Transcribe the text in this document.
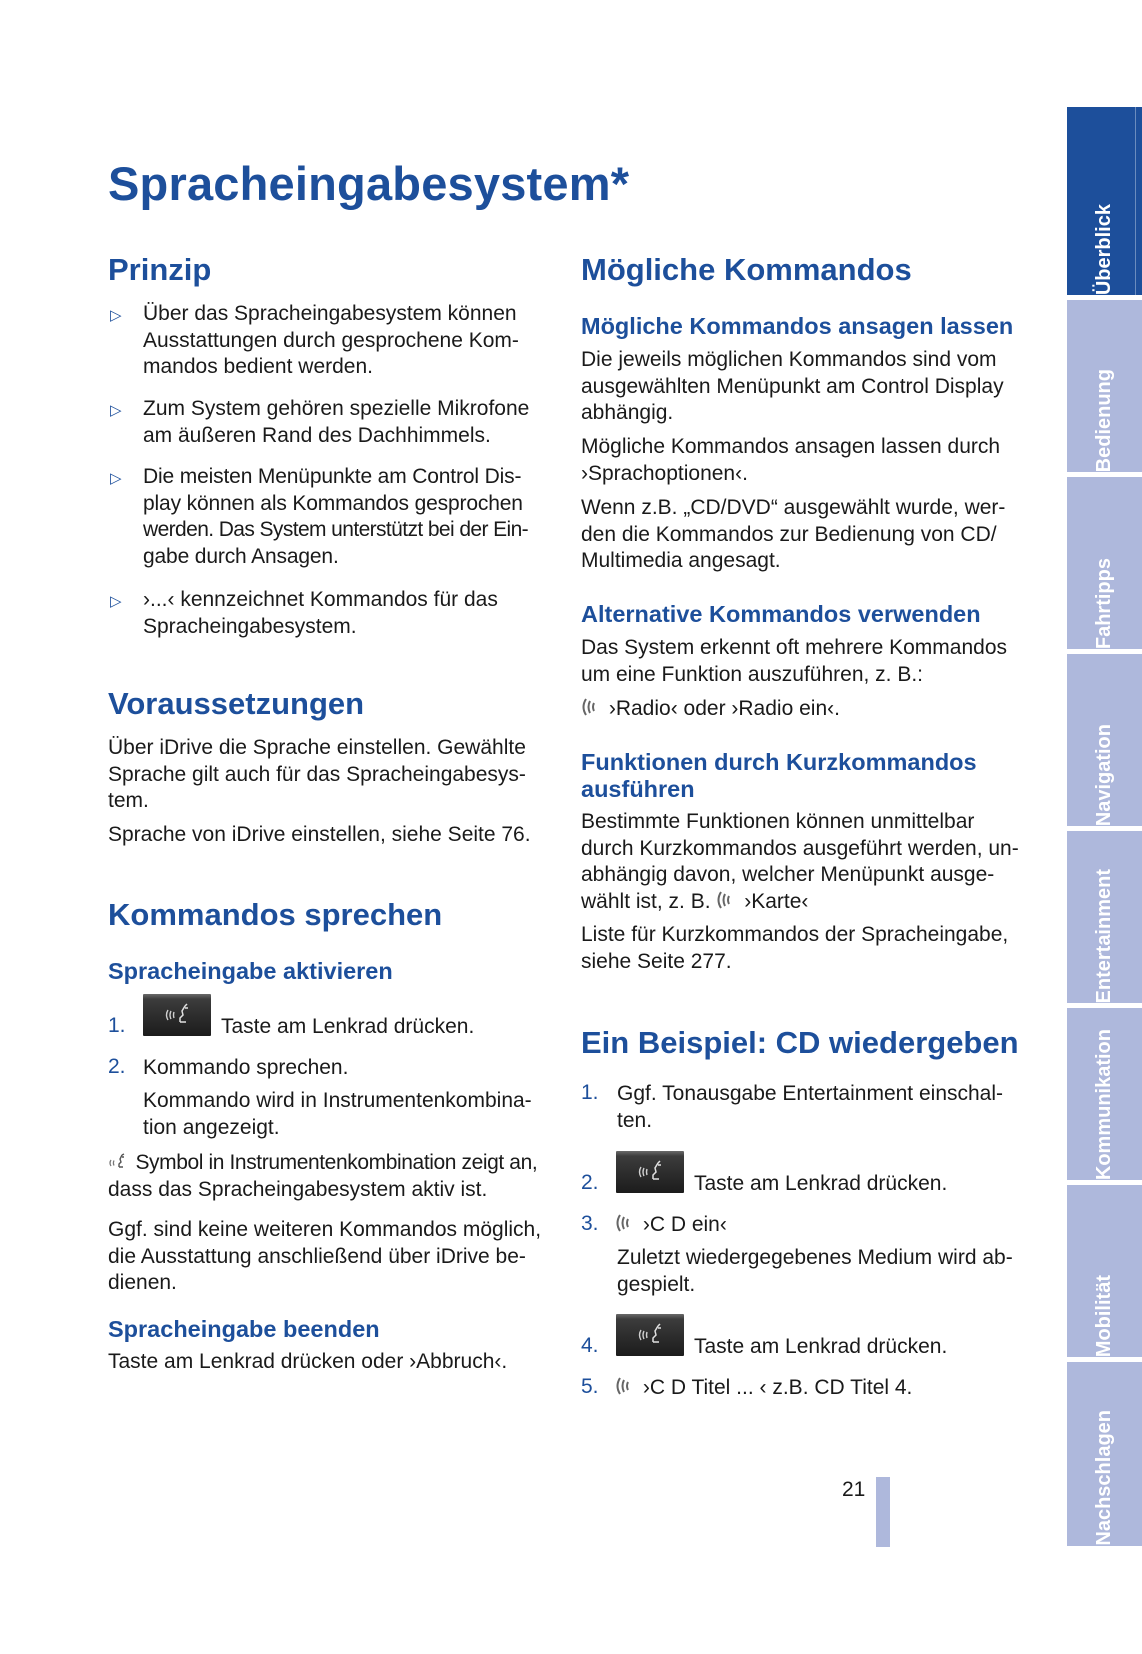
Spracheingabesystem*
Prinzip
▷ Über das Spracheingabesystem können
Ausstattungen durch gesprochene Kom-
mandos bedient werden.

▷ Zum System gehören spezielle Mikrofone
am äußeren Rand des Dachhimmels.

▷ Die meisten Menüpunkte am Control Dis-
play können als Kommandos gesprochen
werden. Das System unterstützt bei der Ein-
gabe durch Ansagen.

▷ ›...‹ kennzeichnet Kommandos für das
Spracheingabesystem.

Voraussetzungen

Über iDrive die Sprache einstellen. Gewählte
Sprache gilt auch für das Spracheingabesys-
tem.

Sprache von iDrive einstellen, siehe Seite 76.

Kommandos sprechen
Spracheingabe aktivieren
1.	Taste am Lenkrad drücken.
2. Kommando sprechen.

Kommando wird in Instrumentenkombina-
tion angezeigt.

Symbol in Instrumentenkombination zeigt an,
dass das Spracheingabesystem aktiv ist.

Ggf. sind keine weiteren Kommandos möglich,
die Ausstattung anschließend über iDrive be-
dienen.

Spracheingabe beenden

Taste am Lenkrad drücken oder ›Abbruch‹.

Mögliche Kommandos
Mögliche Kommandos ansagen lassen

Die jeweils möglichen Kommandos sind vom
ausgewählten Menüpunkt am Control Display
abhängig.

Mögliche Kommandos ansagen lassen durch
›Sprachoptionen‹.

Wenn z.B. „CD/DVD“ ausgewählt wurde, wer-
den die Kommandos zur Bedienung von CD/
Multimedia angesagt.

Alternative Kommandos verwenden

Das System erkennt oft mehrere Kommandos
um eine Funktion auszuführen, z. B.:

›Radio‹ oder ›Radio ein‹.

Funktionen durch Kurzkommandos
ausführen

Bestimmte Funktionen können unmittelbar
durch Kurzkommandos ausgeführt werden, un-
abhängig davon, welcher Menüpunkt ausge-
wählt ist, z. B. ›Karte‹

Liste für Kurzkommandos der Spracheingabe,
siehe Seite 277.

Ein Beispiel: CD wiedergeben
1. Ggf. Tonausgabe Entertainment einschal-
ten.

2.	Taste am Lenkrad drücken.
3.	›C D ein‹

Zuletzt wiedergegebenes Medium wird ab-
gespielt.

4.	Taste am Lenkrad drücken.
5.	›C D Titel ... ‹ z.B. CD Titel 4.

21
Überblick
Bedienung
Fahrtipps
Navigation
Entertainment
Kommunikation
Mobilität
Nachschlagen
